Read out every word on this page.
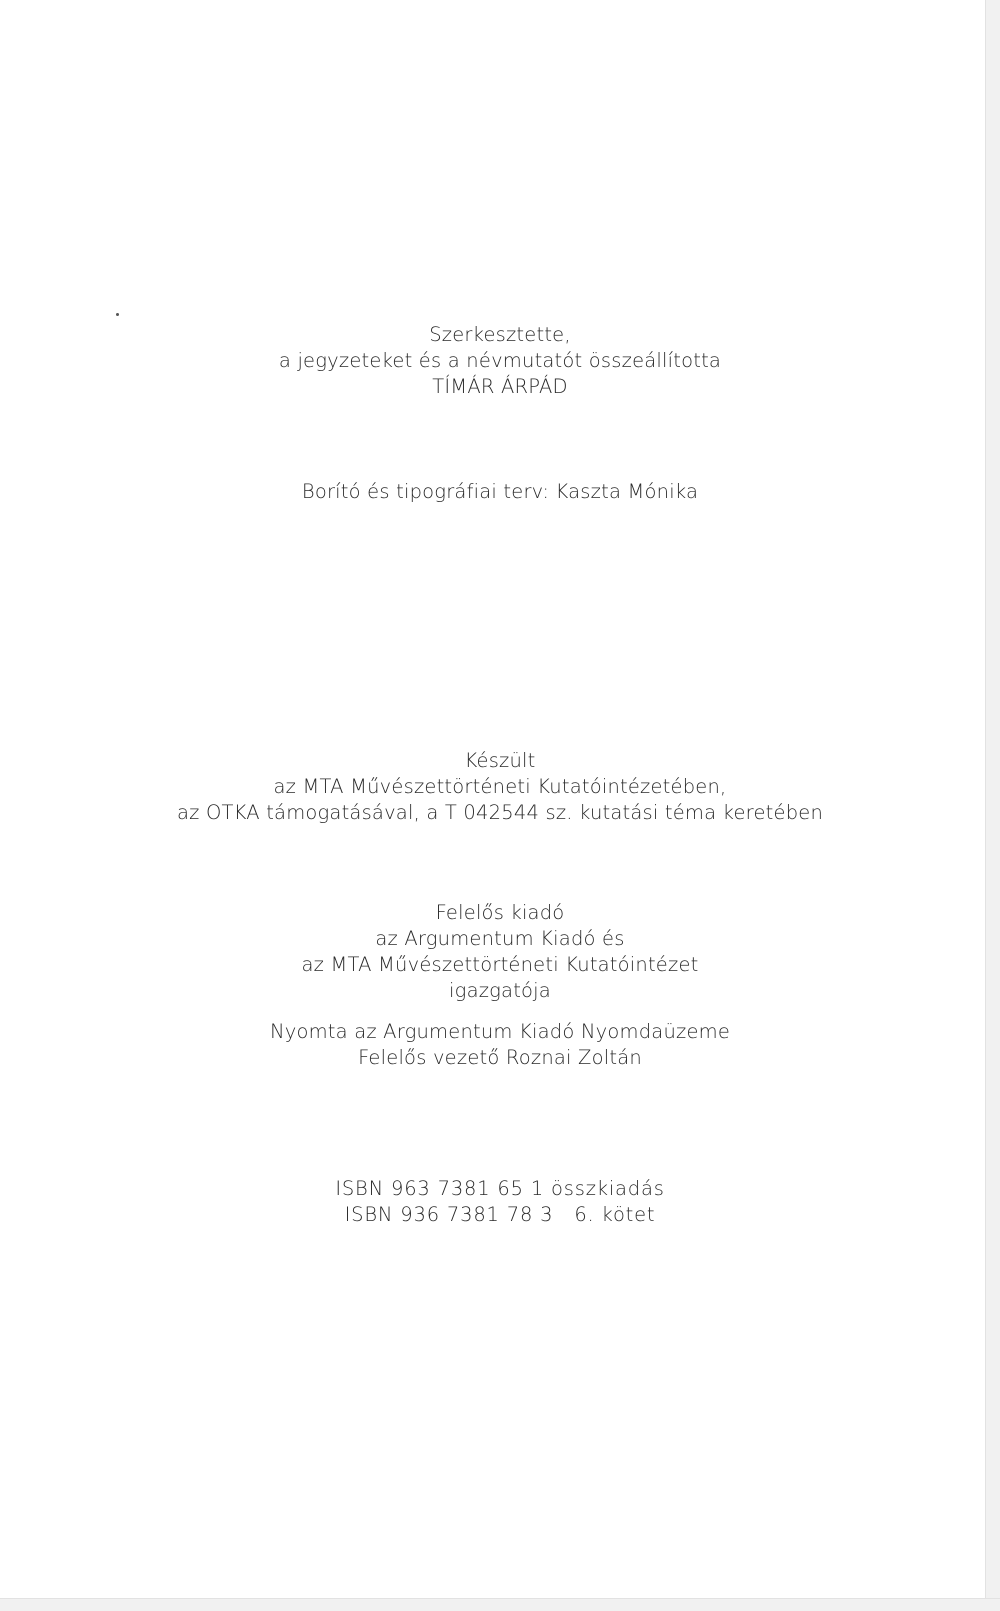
Szerkesztette,
a jegyzeteket és a névmutatót összeállította
TÍMÁR ÁRPÁD
Borító és tipográfiai terv: Kaszta Mónika
Készült
az MTA Művészettörténeti Kutatóintézetében,
az OTKA támogatásával, a T 042544 sz. kutatási téma keretében
Felelős kiadó
az Argumentum Kiadó és
az MTA Művészettörténeti Kutatóintézet
igazgatója
Nyomta az Argumentum Kiadó Nyomdaüzeme
Felelős vezető Roznai Zoltán
ISBN 963 7381 65 1 összkiadás
ISBN 936 7381 78 3   6. kötet
